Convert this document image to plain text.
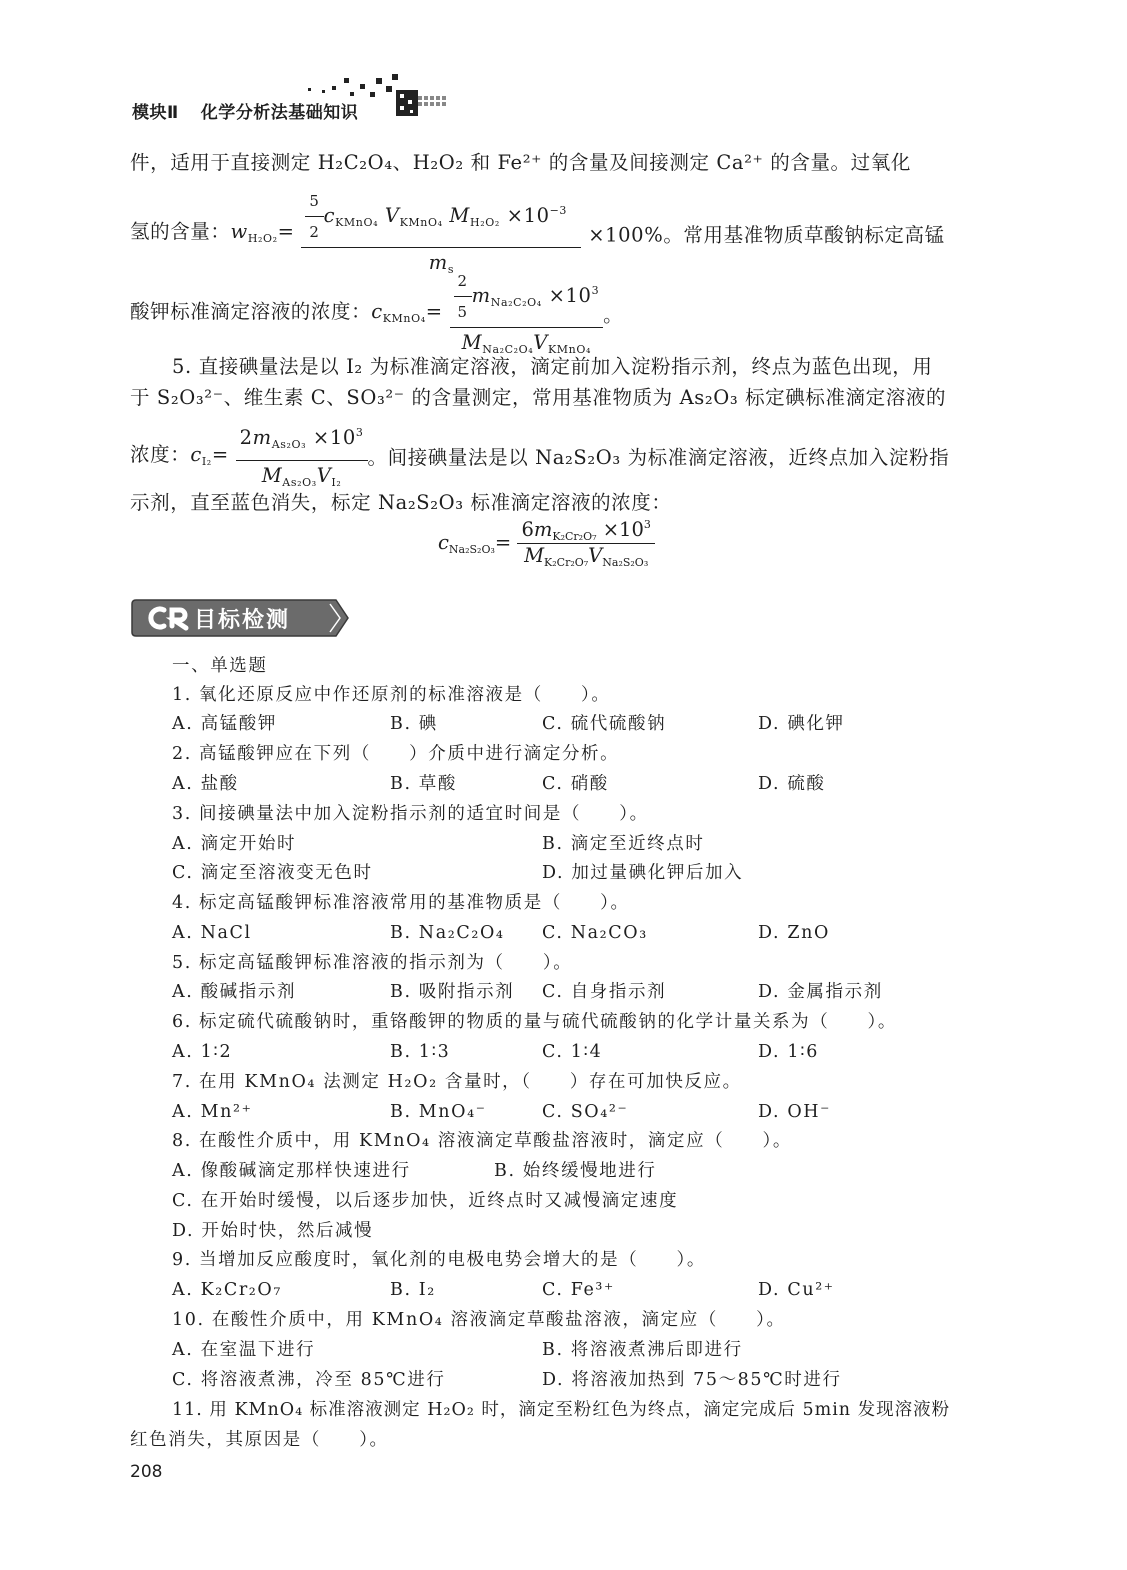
模块Ⅱ 化学分析法基础知识
件，适用于直接测定 H₂C₂O₄、H₂O₂ 和 Fe²⁺ 的含量及间接测定 Ca²⁺ 的含量。过氧化
氢的含量：$w_{H_2O_2}= \frac{\frac{5}{2} c_{KMnO_4} V_{KMnO_4} M_{H_2O_2} \times 10^{-3}}{m_s} \times 100\%$。常用基准物质草酸钠标定高锰
酸钾标准滴定溶液的浓度：$c_{KMnO_4}= \frac{\frac{2}{5} m_{Na_2C_2O_4} \times 10^3}{M_{Na_2C_2O_4}V_{KMnO_4}}$ 。
5. 直接碘量法是以 I₂ 为标准滴定溶液，滴定前加入淀粉指示剂，终点为蓝色出现，用
于 S₂O₃²⁻、维生素 C、SO₃²⁻ 的含量测定，常用基准物质为 As₂O₃ 标定碘标准滴定溶液的
浓度：$c_{I_2}= \frac{2m_{As_2O_3} \times 10^3}{M_{As_2O_3}V_{I_2}}$ 。间接碘量法是以 Na₂S₂O₃ 为标准滴定溶液，近终点加入淀粉指
示剂，直至蓝色消失，标定 Na₂S₂O₃ 标准滴定溶液的浓度：
$c_{Na_2S_2O_3}= \frac{6m_{K_2Cr_2O_7} \times 10^3}{M_{K_2Cr_2O_7}V_{Na_2S_2O_3}}$
目标检测
一、单选题
1. 氧化还原反应中作还原剂的标准溶液是（　　）。
A. 高锰酸钾	B. 碘	C. 硫代硫酸钠	D. 碘化钾
2. 高锰酸钾应在下列（　　）介质中进行滴定分析。
A. 盐酸	B. 草酸	C. 硝酸	D. 硫酸
3. 间接碘量法中加入淀粉指示剂的适宜时间是（　　）。
A. 滴定开始时	B. 滴定至近终点时
C. 滴定至溶液变无色时	D. 加过量碘化钾后加入
4. 标定高锰酸钾标准溶液常用的基准物质是（　　）。
A. NaCl	B. Na₂C₂O₄ C. Na₂CO₃	D. ZnO
5. 标定高锰酸钾标准溶液的指示剂为（　　）。
A. 酸碱指示剂	B. 吸附指示剂 C. 自身指示剂	D. 金属指示剂
6. 标定硫代硫酸钠时，重铬酸钾的物质的量与硫代硫酸钠的化学计量关系为（　　）。
A. 1∶2	B. 1∶3	C. 1∶4	D. 1∶6
7. 在用 KMnO₄ 法测定 H₂O₂ 含量时，（　　）存在可加快反应。
A. Mn²⁺	B. MnO₄⁻	C. SO₄²⁻	D. OH⁻
8. 在酸性介质中，用 KMnO₄ 溶液滴定草酸盐溶液时，滴定应（　　）。
A. 像酸碱滴定那样快速进行	B. 始终缓慢地进行
C. 在开始时缓慢，以后逐步加快，近终点时又减慢滴定速度
D. 开始时快，然后减慢
9. 当增加反应酸度时，氧化剂的电极电势会增大的是（　　）。
A. K₂Cr₂O₇	B. I₂	C. Fe³⁺	D. Cu²⁺
10. 在酸性介质中，用 KMnO₄ 溶液滴定草酸盐溶液，滴定应（　　）。
A. 在室温下进行	B. 将溶液煮沸后即进行
C. 将溶液煮沸，冷至 85℃进行	D. 将溶液加热到 75～85℃时进行
11. 用 KMnO₄ 标准溶液测定 H₂O₂ 时，滴定至粉红色为终点，滴定完成后 5min 发现溶液粉
红色消失，其原因是（　　）。
208
